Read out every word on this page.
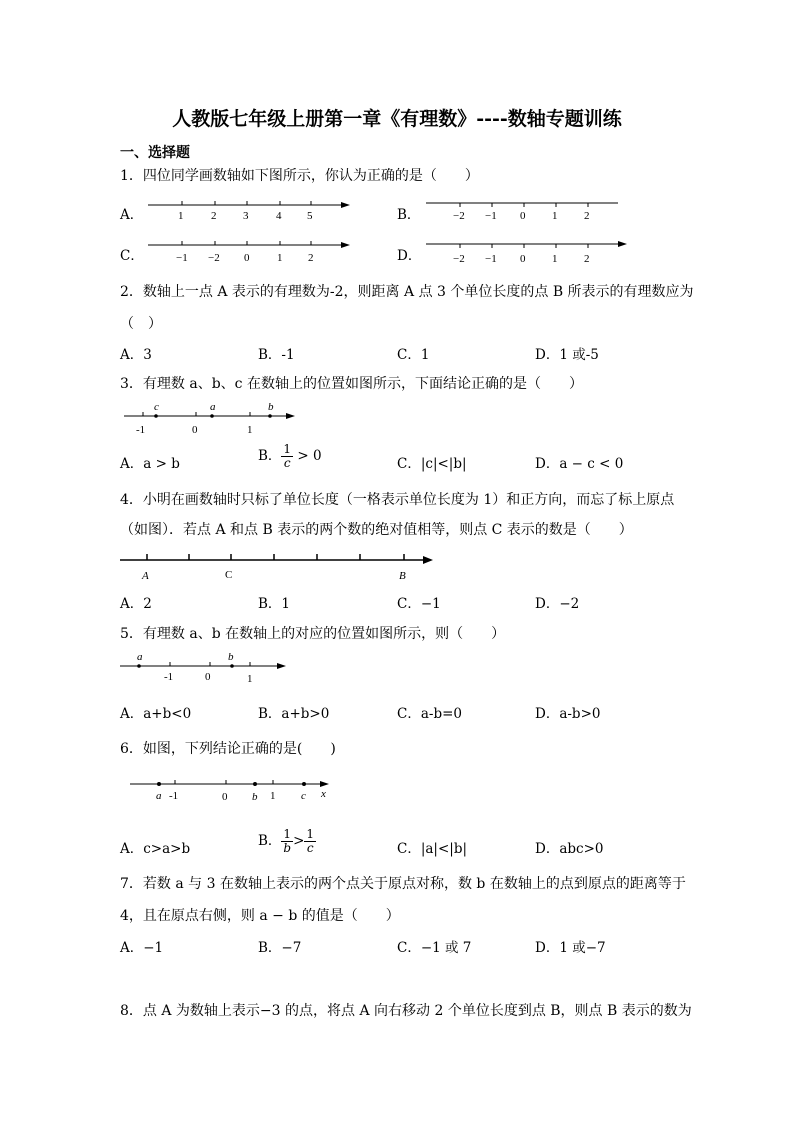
人教版七年级上册第一章《有理数》----数轴专题训练
一、选择题
1．四位同学画数轴如下图所示，你认为正确的是（　　）
A．	B．
C．	D．
1	2 3	4 5	−2 −1 0 1 2
−1 −2 0	1 2	−2 −1 0 1 2
2．数轴上一点 A 表示的有理数为-2，则距离 A 点 3 个单位长度的点 B 所表示的有理数应为
（　）
A．3	B．-1	C．1	D．1 或-5
3．有理数 a、b、c 在数轴上的位置如图所示，下面结论正确的是（　　）
c	a	b
-1	0	1
A．a > b	B． $\frac{1}{c} > 0$	C．|c|<|b|	D．a − c < 0
4．小明在画数轴时只标了单位长度（一格表示单位长度为 1）和正方向，而忘了标上原点
（如图）．若点 A 和点 B 表示的两个数的绝对值相等，则点 C 表示的数是（　　）
A	C	B
A．2	B．1	C．−1	D．−2
5．有理数 a、b 在数轴上的对应的位置如图所示，则（　　）
a	b
-1	0	1
A．a+b<0	B．a+b>0	C．a-b=0	D．a-b>0
6．如图，下列结论正确的是(　　)
a -1	0 b 1 c x
A．c>a>b	B． $\frac{1}{b} > \frac{1}{c}$	C．|a|<|b|	D．abc>0
7．若数 a 与 3 在数轴上表示的两个点关于原点对称，数 b 在数轴上的点到原点的距离等于
4，且在原点右侧，则 a − b 的值是（　　）
A．−1	B．−7	C．−1 或 7	D．1 或−7
8．点 A 为数轴上表示−3 的点，将点 A 向右移动 2 个单位长度到点 B，则点 B 表示的数为
